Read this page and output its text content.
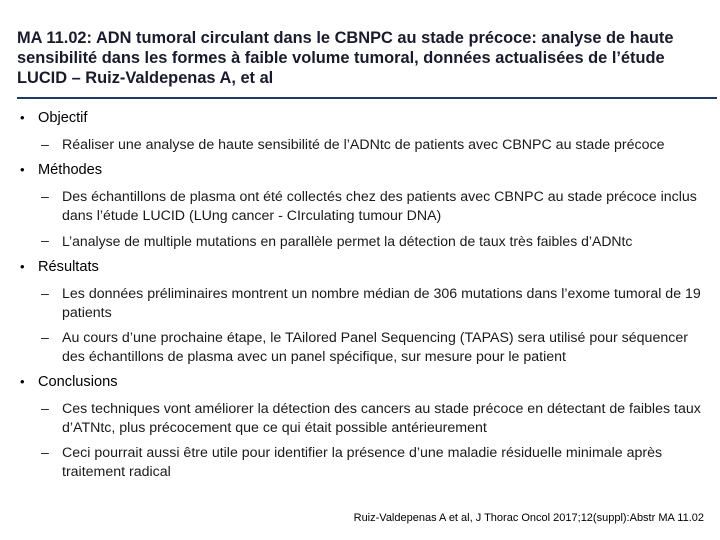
MA 11.02: ADN tumoral circulant dans le CBNPC au stade précoce: analyse de haute sensibilité dans les formes à faible volume tumoral, données actualisées de l’étude LUCID – Ruiz-Valdepenas A, et al
• Objectif
– Réaliser une analyse de haute sensibilité de l’ADNtc de patients avec CBNPC au stade précoce
• Méthodes
– Des échantillons de plasma ont été collectés chez des patients avec CBNPC au stade précoce inclus dans l’étude LUCID (LUng cancer - CIrculating tumour DNA)
– L’analyse de multiple mutations en parallèle permet la détection de taux très faibles d’ADNtc
• Résultats
– Les données préliminaires montrent un nombre médian de 306 mutations dans l’exome tumoral de 19 patients
– Au cours d’une prochaine étape, le TAilored Panel Sequencing (TAPAS) sera utilisé pour séquencer des échantillons de plasma avec un panel spécifique, sur mesure pour le patient
• Conclusions
– Ces techniques vont améliorer la détection des cancers au stade précoce en détectant de faibles taux d’ATNtc, plus précocement que ce qui était possible antérieurement
– Ceci pourrait aussi être utile pour identifier la présence d’une maladie résiduelle minimale après traitement radical
Ruiz-Valdepenas A et al, J Thorac Oncol 2017;12(suppl):Abstr MA 11.02
